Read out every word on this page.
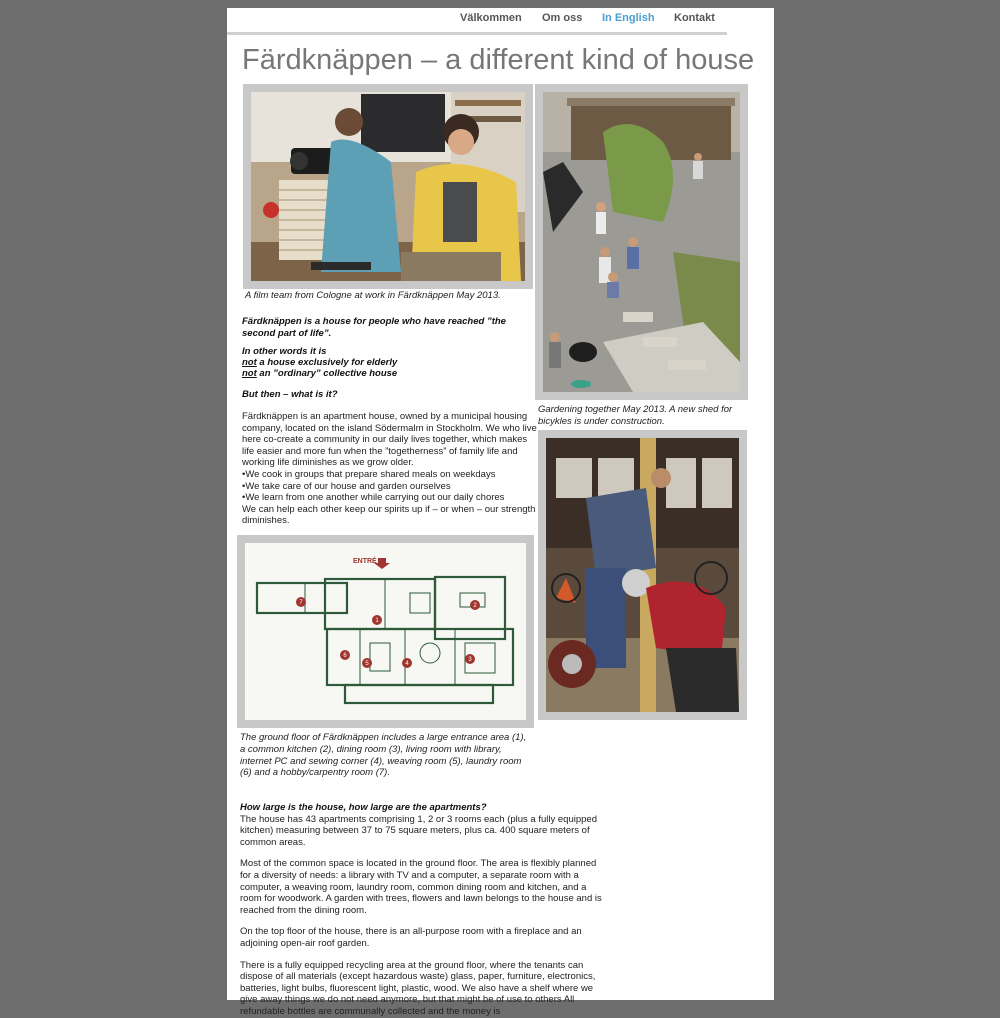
Välkommen Om oss In English Kontakt
Färdknäppen – a different kind of house

A film team from Cologne at work in Färdknäppen May 2013.

Gardening together May 2013. A new shed for bicykles is under construction.

Färdknäppen is a house for people who have reached ”the second part of life”.

In other words it is

not a house exclusively for elderly

not an ”ordinary” collective house

But then – what is it?

Färdknäppen is an apartment house, owned by a municipal housing company, located on the island Södermalm in Stockholm. We who live here co-create a community in our daily lives together, which makes life easier and more fun when the ”togetherness” of family life and working life diminishes as we grow older.

•We cook in groups that prepare shared meals on weekdays

•We take care of our house and garden ourselves

•We learn from one another while carrying out our daily chores

We can help each other keep our spirits up if – or when – our strength diminishes.

ENTRÉ
1
2
3
4
5
6
7

The ground floor of Färdknäppen includes a large entrance area (1), a common kitchen (2), dining room (3), living room with library, internet PC and sewing corner (4), weaving room (5), laundry room (6) and a hobby/carpentry room (7).

How large is the house, how large are the apartments?

The house has 43 apartments comprising 1, 2 or 3 rooms each (plus a fully equipped kitchen) measuring between 37 to 75 square meters, plus ca. 400 square meters of common areas.

Most of the common space is located in the ground floor. The area is flexibly planned for a diversity of needs: a library with TV and a computer, a separate room with a computer, a weaving room, laundry room, common dining room and kitchen, and a room for woodwork. A garden with trees, flowers and lawn belongs to the house and is reached from the dining room.

On the top floor of the house, there is an all-purpose room with a fireplace and an adjoining open-air roof garden.

There is a fully equipped recycling area at the ground floor, where the tenants can dispose of all materials (except hazardous waste) glass, paper, furniture, electronics, batteries, light bulbs, fluorescent light, plastic, wood. We also have a shelf where we give away things we do not need anymore, but that might be of use to others All refundable bottles are communally collected and the money is
